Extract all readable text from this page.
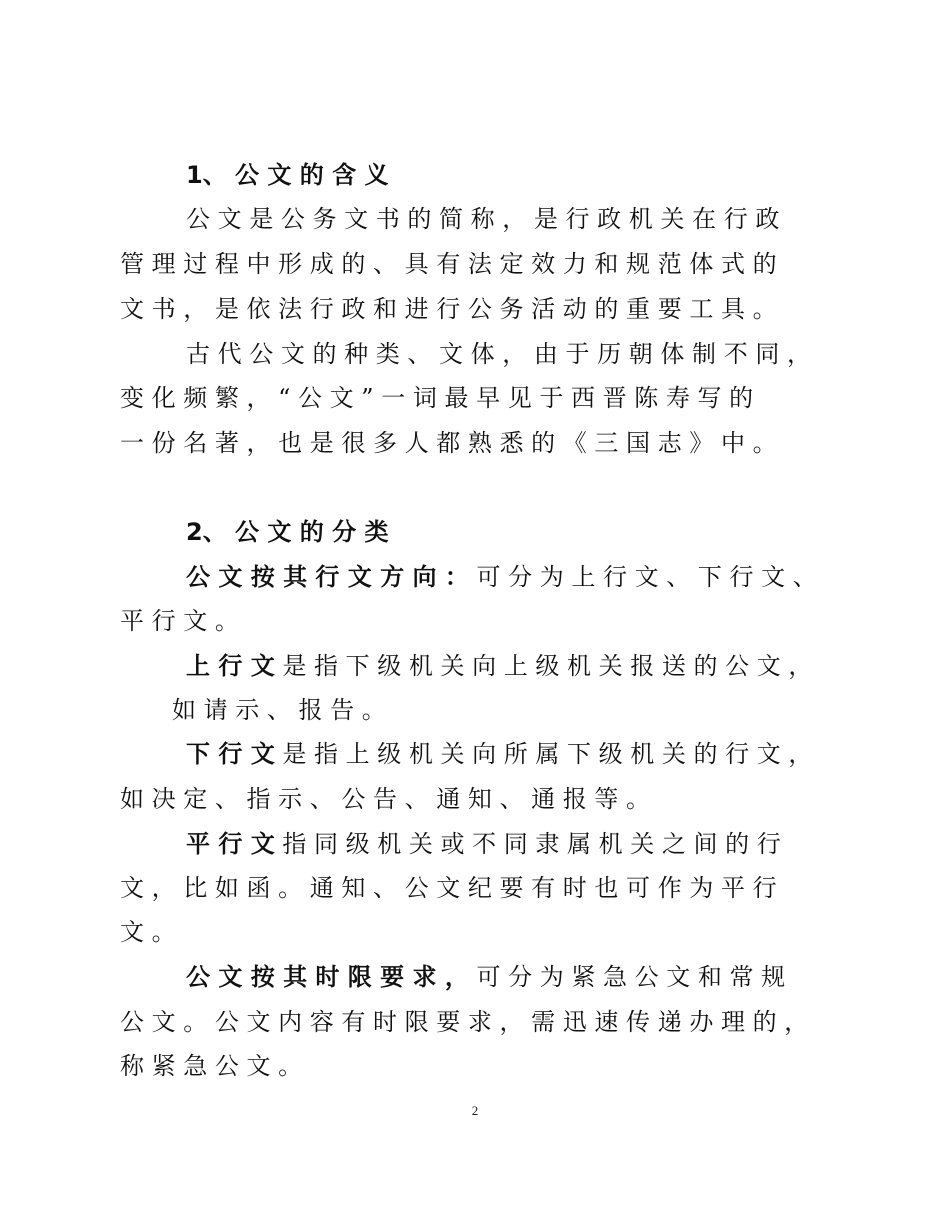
1、 公 文 的 含 义
公 文 是 公 务 文 书 的 简 称 ， 是 行 政 机 关 在 行 政
管 理 过 程 中 形 成 的 、 具 有 法 定 效 力 和 规 范 体 式 的
文 书 ， 是 依 法 行 政 和 进 行 公 务 活 动 的 重 要 工 具 。
古 代 公 文 的 种 类 、 文 体 ， 由 于 历 朝 体 制 不 同 ，
变 化 频 繁 ， “ 公 文 ” 一 词 最 早 见 于 西 晋 陈 寿 写 的
一 份 名 著 ， 也 是 很 多 人 都 熟 悉 的 《 三 国 志 》 中 。
2、 公 文 的 分 类
公 文 按 其 行 文 方 向 ： 可 分 为 上 行 文 、 下 行 文 、
平 行 文 。
上 行 文 是 指 下 级 机 关 向 上 级 机 关 报 送 的 公 文 ，
如 请 示 、 报 告 。
下 行 文 是 指 上 级 机 关 向 所 属 下 级 机 关 的 行 文 ，
如 决 定 、 指 示 、 公 告 、 通 知 、 通 报 等 。
平 行 文 指 同 级 机 关 或 不 同 隶 属 机 关 之 间 的 行
文 ， 比 如 函 。 通 知 、 公 文 纪 要 有 时 也 可 作 为 平 行
文 。
公 文 按 其 时 限 要 求 ， 可 分 为 紧 急 公 文 和 常 规
公 文 。 公 文 内 容 有 时 限 要 求 ， 需 迅 速 传 递 办 理 的 ，
称 紧 急 公 文 。
2
